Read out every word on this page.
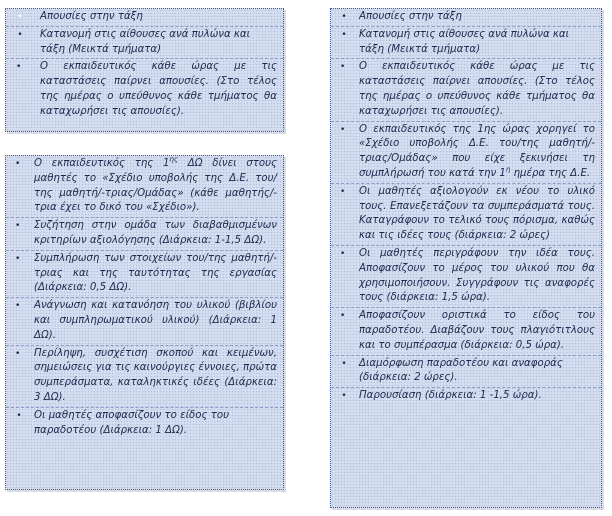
• Απουσίες στην τάξη
• Κατανομή στις αίθουσες ανά πυλώνα και τάξη (Μεικτά τμήματα)
• Ο εκπαιδευτικός κάθε ώρας με τις καταστάσεις παίρνει απουσίες. (Στο τέλος της ημέρας ο υπεύθυνος κάθε τμήματος θα καταχωρήσει τις απουσίες).
• Ο εκπαιδευτικός της $1^{\eta\varsigma}$ ΔΩ δίνει στους μαθητές το «Σχέδιο υποβολής της Δ.Ε. του/της μαθητή/-τριας/Ομάδας» (κάθε μαθητής/-τρια έχει το δικό του «Σχέδιο»).
• Συζήτηση στην ομάδα των διαβαθμισμένων κριτηρίων αξιολόγησης (Διάρκεια: 1-1,5 ΔΩ).
• Συμπλήρωση των στοιχείων του/της μαθητή/-τριας και της ταυτότητας της εργασίας (Διάρκεια: 0,5 ΔΩ).
• Ανάγνωση και κατανόηση του υλικού (βιβλίου και συμπληρωματικού υλικού) (Διάρκεια: 1 ΔΩ).
• Περίληψη, συσχέτιση σκοπού και κειμένων, σημειώσεις για τις καινούργιες έννοιες, πρώτα συμπεράσματα, καταληκτικές ιδέες (Διάρκεια: 3 ΔΩ).
• Οι μαθητές αποφασίζουν το είδος του παραδοτέου (Διάρκεια: 1 ΔΩ).
• Απουσίες στην τάξη
• Κατανομή στις αίθουσες ανά πυλώνα και τάξη (Μεικτά τμήματα)
• Ο εκπαιδευτικός κάθε ώρας με τις καταστάσεις παίρνει απουσίες. (Στο τέλος της ημέρας ο υπεύθυνος κάθε τμήματος θα καταχωρήσει τις απουσίες).
• Ο εκπαιδευτικός της 1ης ώρας χορηγεί το «Σχέδιο υποβολής Δ.Ε. του/της μαθητή/-τριας/Ομάδας» που είχε ξεκινήσει τη συμπλήρωσή του κατά την $1^\eta$ ημέρα της Δ.Ε.
• Οι μαθητές αξιολογούν εκ νέου το υλικό τους. Επανεξετάζουν τα συμπεράσματά τους. Καταγράφουν το τελικό τους πόρισμα, καθώς και τις ιδέες τους (διάρκεια: 2 ώρες)
• Οι μαθητές περιγράφουν την ιδέα τους. Αποφασίζουν το μέρος του υλικού που θα χρησιμοποιήσουν. Συγγράφουν τις αναφορές τους (διάρκεια: 1,5 ώρα).
• Αποφασίζουν οριστικά το είδος του παραδοτέου. Διαβάζουν τους πλαγιότιτλους και το συμπέρασμα (διάρκεια: 0,5 ώρα).
• Διαμόρφωση παραδοτέου και αναφοράς (διάρκεια: 2 ώρες).
• Παρουσίαση (διάρκεια: 1 -1,5 ώρα).
